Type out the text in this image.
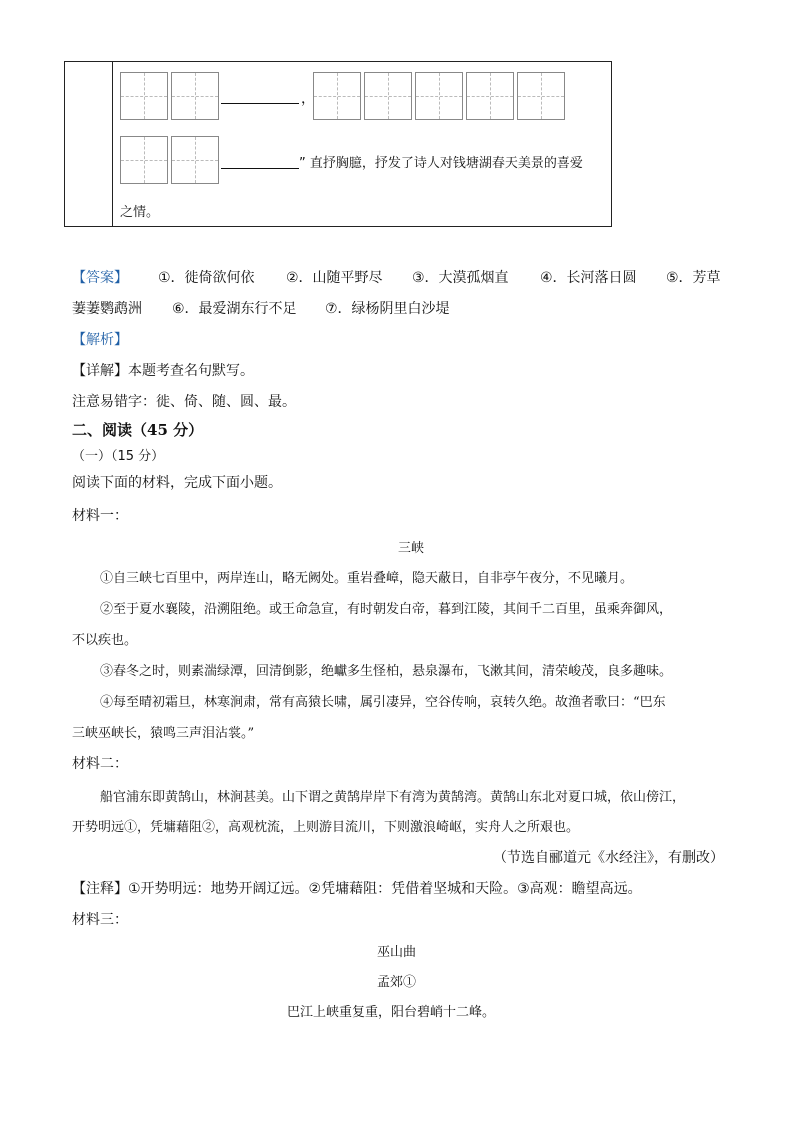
，
” 直抒胸臆，抒发了诗人对钱塘湖春天美景的喜爱
之情。
【答案】 ①．徙倚欲何依 ②．山随平野尽 ③．大漠孤烟直 ④．长河落日圆 ⑤．芳草
萋萋鹦鹉洲 ⑥．最爱湖东行不足 ⑦．绿杨阴里白沙堤
【解析】
【详解】本题考查名句默写。
注意易错字：徙、倚、随、圆、最。
二、阅读（45 分）
（一）（15 分）
阅读下面的材料，完成下面小题。
材料一：
三峡
①自三峡七百里中，两岸连山，略无阙处。重岩叠嶂，隐天蔽日，自非亭午夜分，不见曦月。
②至于夏水襄陵，沿溯阻绝。或王命急宣，有时朝发白帝，暮到江陵，其间千二百里，虽乘奔御风，
不以疾也。
③春冬之时，则素湍绿潭，回清倒影，绝巘多生怪柏，悬泉瀑布，飞漱其间，清荣峻茂，良多趣味。
④每至晴初霜旦，林寒涧肃，常有高猿长啸，属引凄异，空谷传响，哀转久绝。故渔者歌曰：“巴东
三峡巫峡长，猿鸣三声泪沾裳。”
材料二：
船官浦东即黄鹄山，林涧甚美。山下谓之黄鹄岸岸下有湾为黄鹄湾。黄鹄山东北对夏口城，依山傍江，
开势明远①，凭墉藉阻②，高观枕流，上则游目流川，下则激浪崎岖，实舟人之所艰也。
（节选自郦道元《水经注》，有删改）
【注释】①开势明远：地势开阔辽远。②凭墉藉阻：凭借着坚城和天险。③高观：瞻望高远。
材料三：
巫山曲
孟郊①
巴江上峡重复重，阳台碧峭十二峰。
